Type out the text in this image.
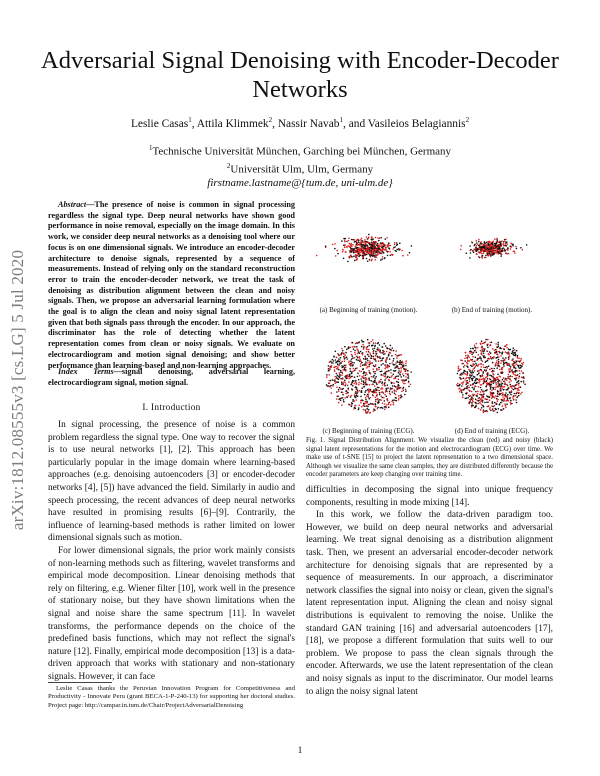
arXiv:1812.08555v3 [cs.LG] 5 Jul 2020
Adversarial Signal Denoising with Encoder-Decoder Networks
Leslie Casas$^1$, Attila Klimmek$^2$, Nassir Navab$^1$, and Vasileios Belagiannis$^2$
$^1$Technische Universität München, Garching bei München, Germany
$^2$Universität Ulm, Ulm, Germany
firstname.lastname@{tum.de, uni-ulm.de}
Abstract—The presence of noise is common in signal processing regardless the signal type. Deep neural networks have shown good performance in noise removal, especially on the image domain. In this work, we consider deep neural networks as a denoising tool where our focus is on one dimensional signals. We introduce an encoder-decoder architecture to denoise signals, represented by a sequence of measurements. Instead of relying only on the standard reconstruction error to train the encoder-decoder network, we treat the task of denoising as distribution alignment between the clean and noisy signals. Then, we propose an adversarial learning formulation where the goal is to align the clean and noisy signal latent representation given that both signals pass through the encoder. In our approach, the discriminator has the role of detecting whether the latent representation comes from clean or noisy signals. We evaluate on electrocardiogram and motion signal denoising; and show better performance than learning-based and non-learning approaches.
Index Terms—signal denoising, adversarial learning, electrocardiogram signal, motion signal.
I. Introduction

In signal processing, the presence of noise is a common problem regardless the signal type. One way to recover the signal is to use neural networks [1], [2]. This approach has been particularly popular in the image domain where learning-based approaches (e.g. denoising autoencoders [3] or encoder-decoder networks [4], [5]) have advanced the field. Similarly in audio and speech processing, the recent advances of deep neural networks have resulted in promising results [6]–[9]. Contrarily, the influence of learning-based methods is rather limited on lower dimensional signals such as motion.

For lower dimensional signals, the prior work mainly consists of non-learning methods such as filtering, wavelet transforms and empirical mode decomposition. Linear denoising methods that rely on filtering, e.g. Wiener filter [10], work well in the presence of stationary noise, but they have shown limitations when the signal and noise share the same spectrum [11]. In wavelet transforms, the performance depends on the choice of the predefined basis functions, which may not reflect the signal's nature [12]. Finally, empirical mode decomposition [13] is a data-driven approach that works with stationary and non-stationary signals. However, it can face

Leslie Casas thanks the Peruvian Innovation Program for Competitiveness and Productivity - Innovate Peru (grant BECA-1-P-240-13) for supporting her doctoral studies. Project page: http://campar.in.tum.de/Chair/ProjectAdversarialDenoising
(a) Beginning of training (motion).	(b) End of training (motion).
(c) Beginning of training (ECG).	(d) End of training (ECG).
Fig. 1. Signal Distribution Alignment. We visualize the clean (red) and noisy (black) signal latent representations for the motion and electrocardiogram (ECG) over time. We make use of t-SNE [15] to project the latent representation to a two dimensional space. Although we visualize the same clean samples, they are distributed differently because the encoder parameters are keep changing over training time.

difficulties in decomposing the signal into unique frequency components, resulting in mode mixing [14].

In this work, we follow the data-driven paradigm too. However, we build on deep neural networks and adversarial learning. We treat signal denoising as a distribution alignment task. Then, we present an adversarial encoder-decoder network architecture for denoising signals that are represented by a sequence of measurements. In our approach, a discriminator network classifies the signal into noisy or clean, given the signal's latent representation input. Aligning the clean and noisy signal distributions is equivalent to removing the noise. Unlike the standard GAN training [16] and adversarial autoencoders [17], [18], we propose a different formulation that suits well to our problem. We propose to pass the clean signals through the encoder. Afterwards, we use the latent representation of the clean and noisy signals as input to the discriminator. Our model learns to align the noisy signal latent

1
